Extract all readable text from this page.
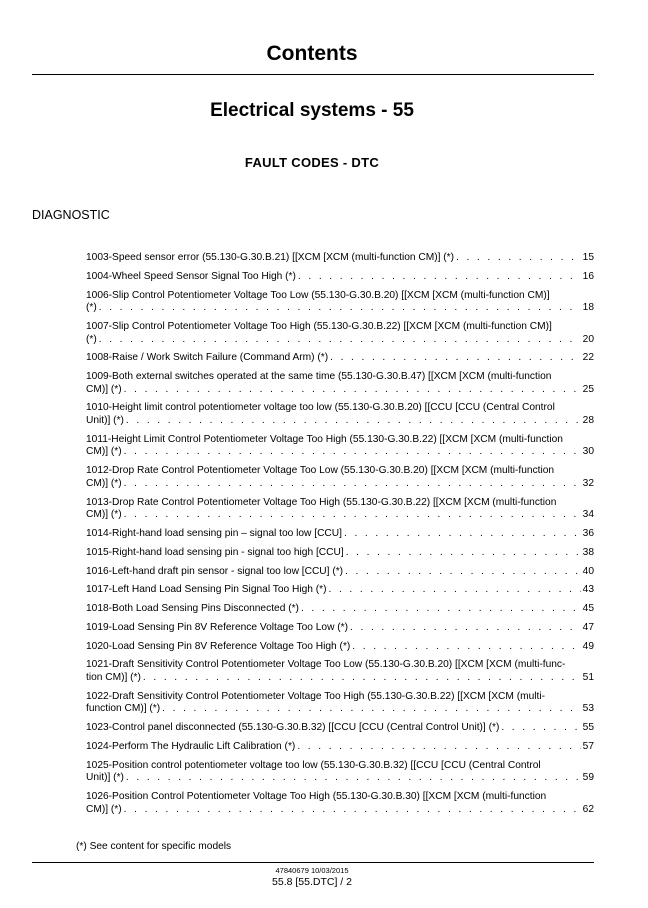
Contents
Electrical systems - 55
FAULT CODES - DTC
DIAGNOSTIC
1003-Speed sensor error (55.130-G.30.B.21) [[XCM [XCM (multi-function CM)] (*) . . .	15
1004-Wheel Speed Sensor Signal Too High (*) . . .	16
1006-Slip Control Potentiometer Voltage Too Low (55.130-G.30.B.20) [[XCM [XCM (multi-function CM)]
(*) . . .	18
1007-Slip Control Potentiometer Voltage Too High (55.130-G.30.B.22) [[XCM [XCM (multi-function CM)]
(*) . . .	20
1008-Raise / Work Switch Failure (Command Arm) (*) . . .	22
1009-Both external switches operated at the same time (55.130-G.30.B.47) [[XCM [XCM (multi-function
CM)] (*) . . .	25
1010-Height limit control potentiometer voltage too low (55.130-G.30.B.20) [[CCU [CCU (Central Control
Unit)] (*) . . .	28
1011-Height Limit Control Potentiometer Voltage Too High (55.130-G.30.B.22) [[XCM [XCM (multi-function
CM)] (*) . . .	30
1012-Drop Rate Control Potentiometer Voltage Too Low (55.130-G.30.B.20) [[XCM [XCM (multi-function
CM)] (*) . . .	32
1013-Drop Rate Control Potentiometer Voltage Too High (55.130-G.30.B.22) [[XCM [XCM (multi-function
CM)] (*) . . .	34
1014-Right-hand load sensing pin – signal too low [CCU] . . .	36
1015-Right-hand load sensing pin - signal too high [CCU] . . .	38
1016-Left-hand draft pin sensor - signal too low [CCU] (*) . . .	40
1017-Left Hand Load Sensing Pin Signal Too High (*) . . .	43
1018-Both Load Sensing Pins Disconnected (*) . . .	45
1019-Load Sensing Pin 8V Reference Voltage Too Low (*) . . .	47
1020-Load Sensing Pin 8V Reference Voltage Too High (*) . . .	49
1021-Draft Sensitivity Control Potentiometer Voltage Too Low (55.130-G.30.B.20) [[XCM [XCM (multi-func-
tion CM)] (*) . . .	51
1022-Draft Sensitivity Control Potentiometer Voltage Too High (55.130-G.30.B.22) [[XCM [XCM (multi-
function CM)] (*) . . .	53
1023-Control panel disconnected (55.130-G.30.B.32) [[CCU [CCU (Central Control Unit)] (*) . . .	55
1024-Perform The Hydraulic Lift Calibration (*) . . .	57
1025-Position control potentiometer voltage too low (55.130-G.30.B.32) [[CCU [CCU (Central Control
Unit)] (*) . . .	59
1026-Position Control Potentiometer Voltage Too High (55.130-G.30.B.30) [[XCM [XCM (multi-function
CM)] (*) . . .	62
(*) See content for specific models
47840679 10/03/2015
55.8 [55.DTC] / 2
